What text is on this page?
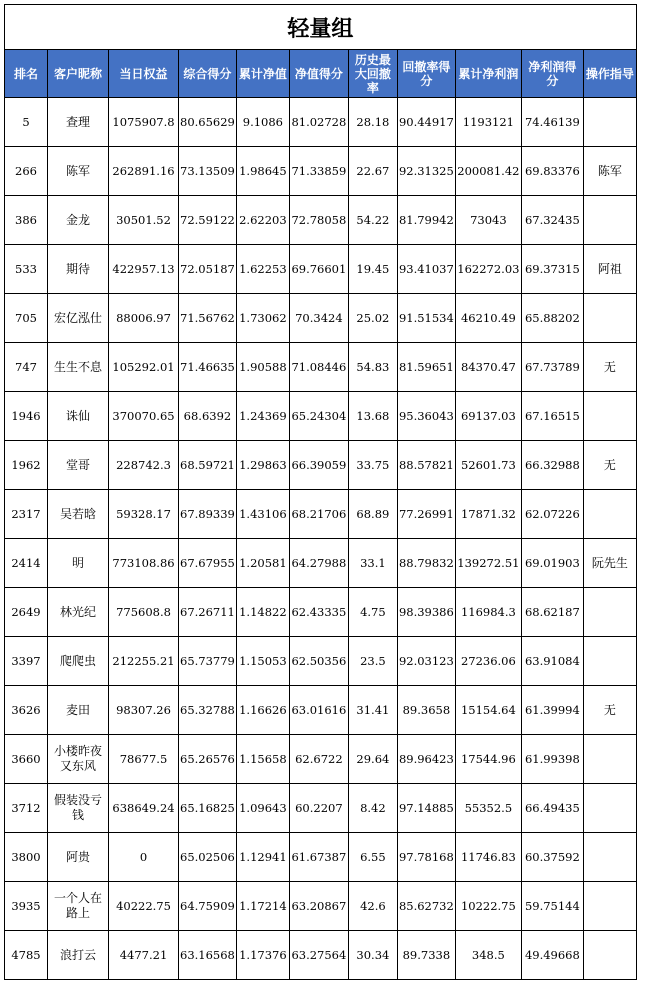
轻量组										
排名	客户昵称	当日权益	综合得分	累计净值	净值得分	历史最大回撤率	回撤率得分	累计净利润	净利润得分	操作指导
5	查理	1075907.8	80.65629	9.1086	81.02728	28.18	90.44917	1193121	74.46139	
266	陈军	262891.16	73.13509	1.98645	71.33859	22.67	92.31325	200081.42	69.83376	陈军
386	金龙	30501.52	72.59122	2.62203	72.78058	54.22	81.79942	73043	67.32435	
533	期待	422957.13	72.05187	1.62253	69.76601	19.45	93.41037	162272.03	69.37315	阿祖
705	宏亿泓仕	88006.97	71.56762	1.73062	70.3424	25.02	91.51534	46210.49	65.88202	
747	生生不息	105292.01	71.46635	1.90588	71.08446	54.83	81.59651	84370.47	67.73789	无
1946	诛仙	370070.65	68.6392	1.24369	65.24304	13.68	95.36043	69137.03	67.16515	
1962	堂哥	228742.3	68.59721	1.29863	66.39059	33.75	88.57821	52601.73	66.32988	无
2317	吴若晗	59328.17	67.89339	1.43106	68.21706	68.89	77.26991	17871.32	62.07226	
2414	明	773108.86	67.67955	1.20581	64.27988	33.1	88.79832	139272.51	69.01903	阮先生
2649	林光纪	775608.8	67.26711	1.14822	62.43335	4.75	98.39386	116984.3	68.62187	
3397	爬爬虫	212255.21	65.73779	1.15053	62.50356	23.5	92.03123	27236.06	63.91084	
3626	麦田	98307.26	65.32788	1.16626	63.01616	31.41	89.3658	15154.64	61.39994	无
3660	小楼昨夜又东风	78677.5	65.26576	1.15658	62.6722	29.64	89.96423	17544.96	61.99398	
3712	假装没亏钱	638649.24	65.16825	1.09643	60.2207	8.42	97.14885	55352.5	66.49435	
3800	阿贵	0	65.02506	1.12941	61.67387	6.55	97.78168	11746.83	60.37592	
3935	一个人在路上	40222.75	64.75909	1.17214	63.20867	42.6	85.62732	10222.75	59.75144	
4785	浪打云	4477.21	63.16568	1.17376	63.27564	30.34	89.7338	348.5	49.49668	
